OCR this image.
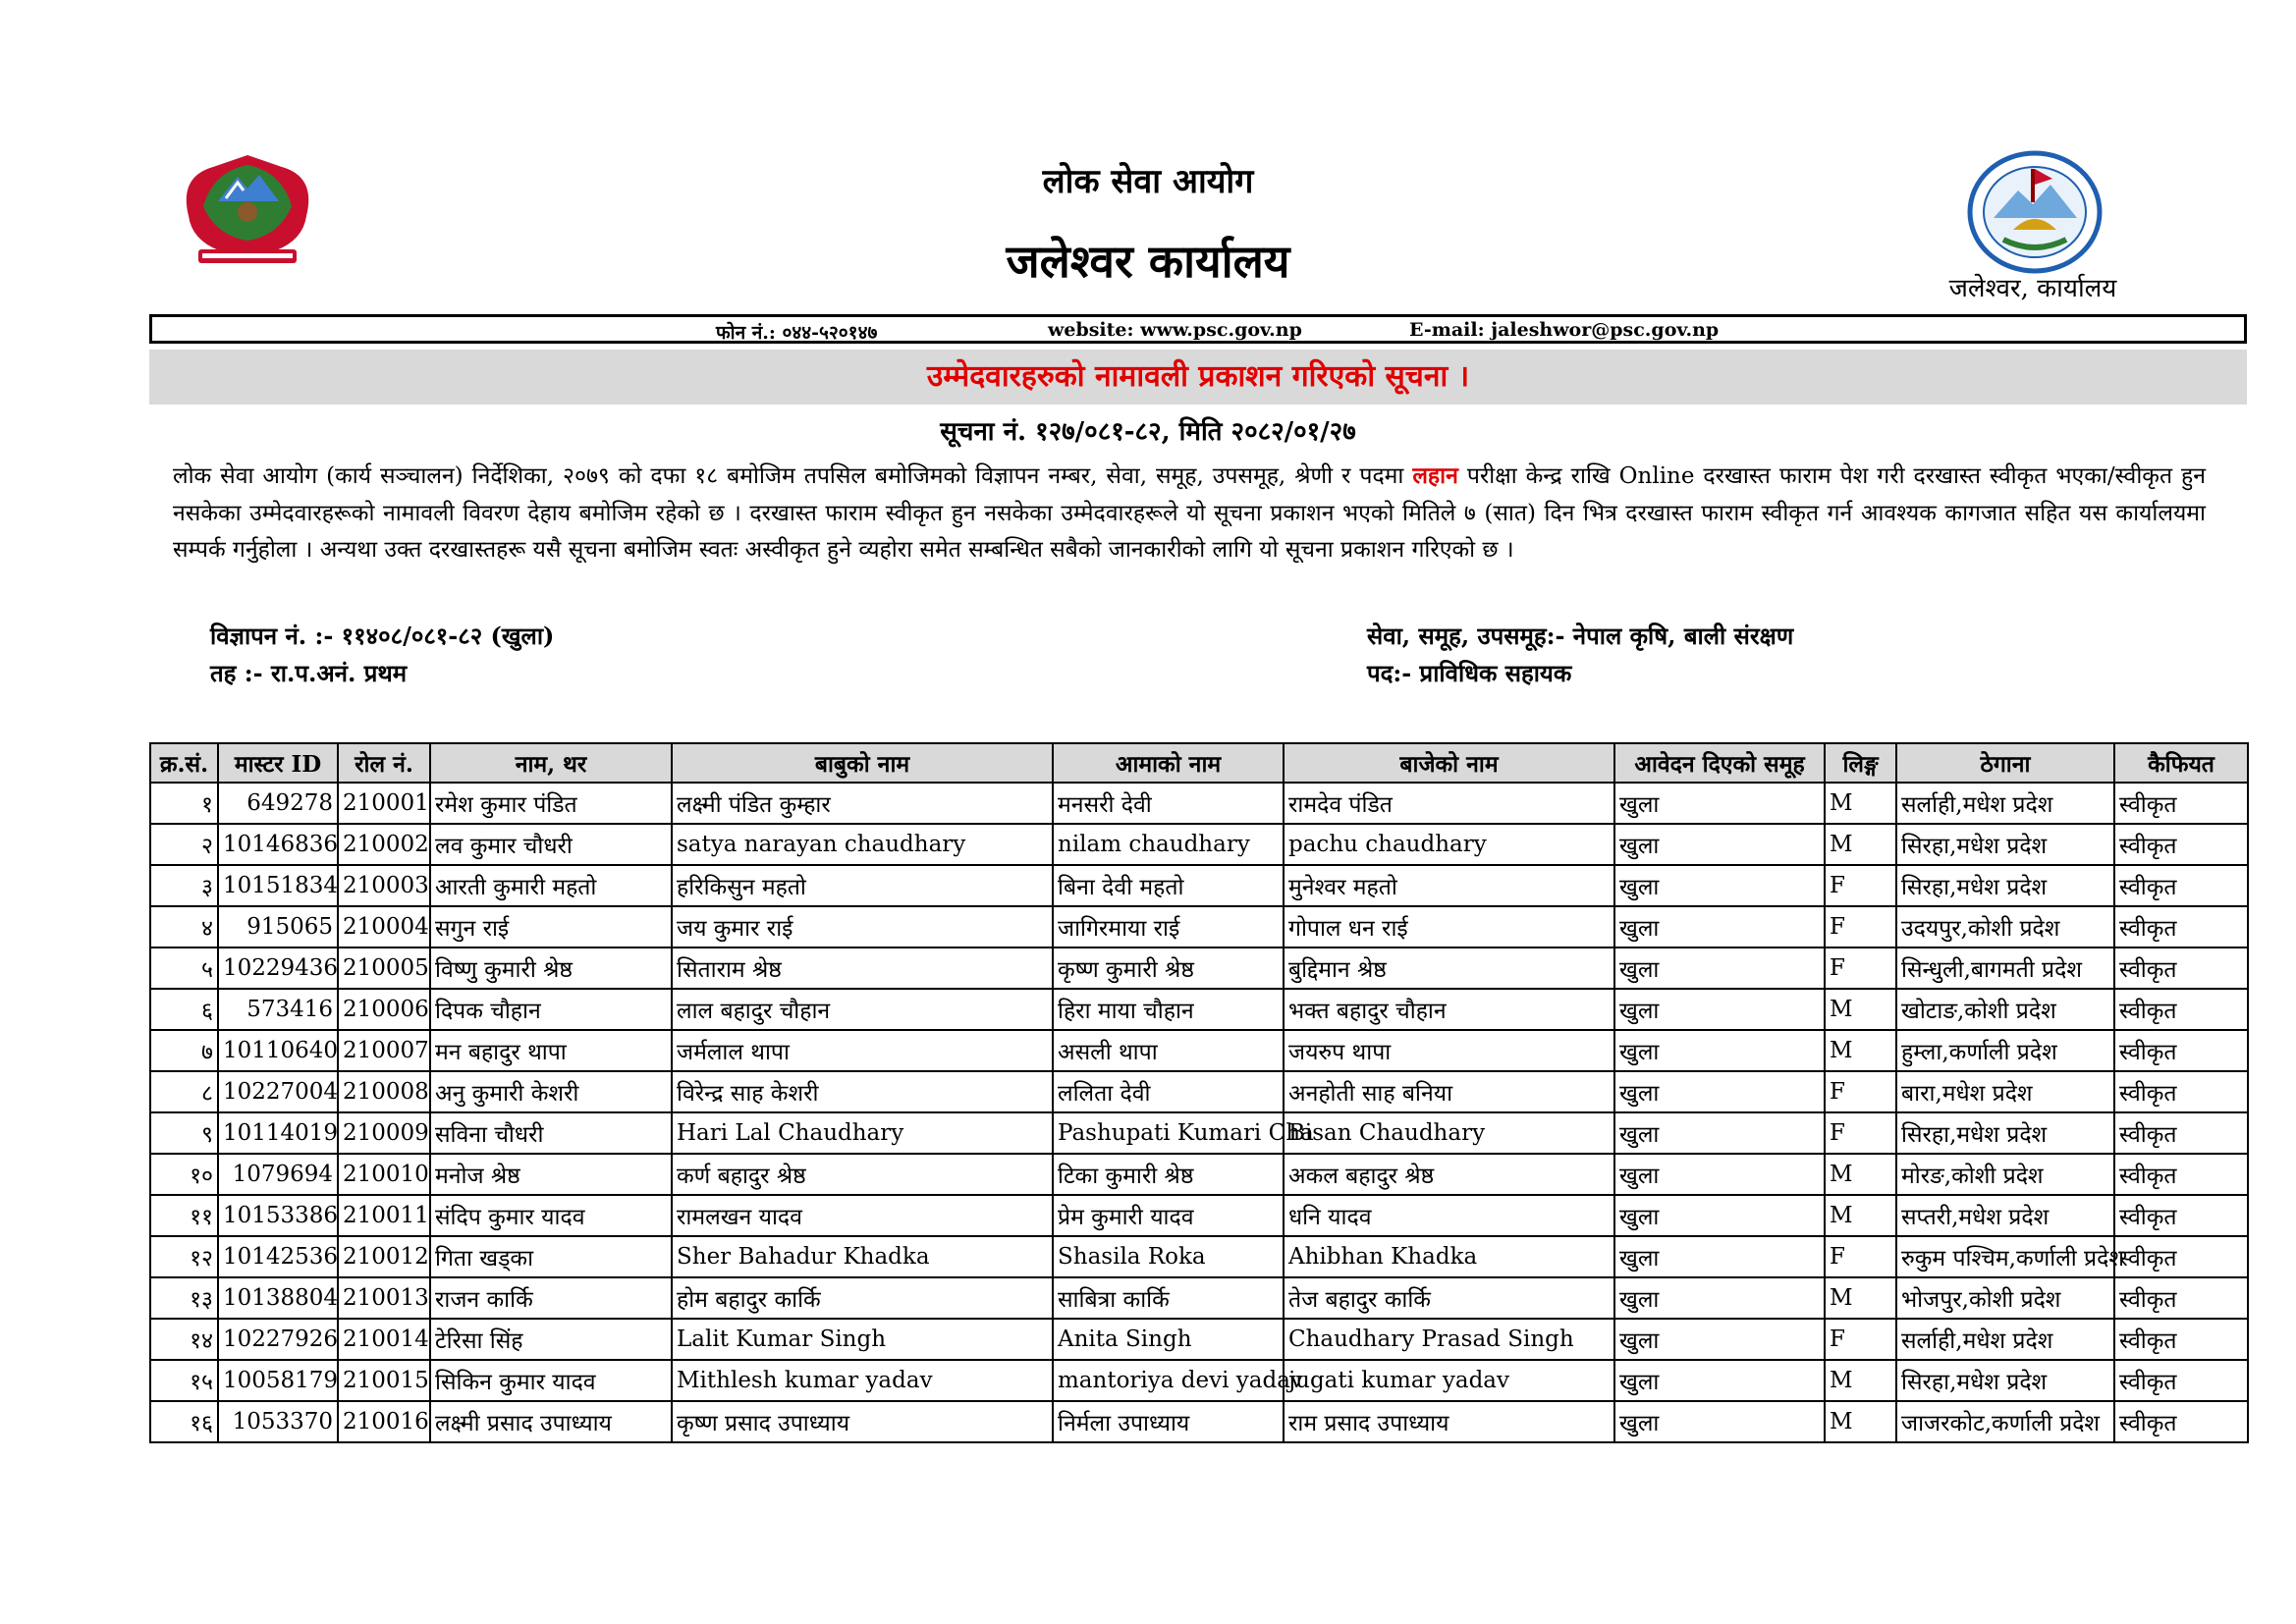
लोक सेवा आयोग
जलेश्वर कार्यालय
जलेश्वर, कार्यालय
फोन नं.: ०४४-५२०१४७	website: www.psc.gov.np	E-mail: jaleshwor@psc.gov.np
उम्मेदवारहरुको नामावली प्रकाशन गरिएको सूचना ।
सूचना नं. १२७/०८१-८२, मिति २०८२/०१/२७
लोक सेवा आयोग (कार्य सञ्चालन) निर्देशिका, २०७९ को दफा १८ बमोजिम तपसिल बमोजिमको विज्ञापन नम्बर, सेवा, समूह, उपसमूह, श्रेणी र पदमा लहान परीक्षा केन्द्र राखि Online दरखास्त फाराम पेश गरी दरखास्त स्वीकृत भएका/स्वीकृत हुन नसकेका उम्मेदवारहरूको नामावली विवरण देहाय बमोजिम रहेको छ । दरखास्त फाराम स्वीकृत हुन नसकेका उम्मेदवारहरूले यो सूचना प्रकाशन भएको मितिले ७ (सात) दिन भित्र दरखास्त फाराम स्वीकृत गर्न आवश्यक कागजात सहित यस कार्यालयमा सम्पर्क गर्नुहोला । अन्यथा उक्त दरखास्तहरू यसै सूचना बमोजिम स्वतः अस्वीकृत हुने व्यहोरा समेत सम्बन्धित सबैको जानकारीको लागि यो सूचना प्रकाशन गरिएको छ ।
विज्ञापन नं. :- ११४०८/०८१-८२ (खुला)
तह :- रा.प.अनं. प्रथम
सेवा, समूह, उपसमूह:- नेपाल कृषि, बाली संरक्षण
पद:- प्राविधिक सहायक
क्र.सं.	मास्टर ID	रोल नं.	नाम, थर	बाबुको नाम	आमाको नाम	बाजेको नाम	आवेदन दिएको समूह	लिङ्ग	ठेगाना	कैफियत
१	649278	210001	रमेश कुमार पंडित	लक्ष्मी पंडित कुम्हार	मनसरी देवी	रामदेव पंडित	खुला	M	सर्लाही,मधेश प्रदेश	स्वीकृत
२	10146836	210002	लव कुमार चौधरी	satya narayan chaudhary	nilam chaudhary	pachu chaudhary	खुला	M	सिरहा,मधेश प्रदेश	स्वीकृत
३	10151834	210003	आरती कुमारी महतो	हरिकिसुन महतो	बिना देवी महतो	मुनेश्वर महतो	खुला	F	सिरहा,मधेश प्रदेश	स्वीकृत
४	915065	210004	सगुन राई	जय कुमार राई	जागिरमाया राई	गोपाल धन राई	खुला	F	उदयपुर,कोशी प्रदेश	स्वीकृत
५	10229436	210005	विष्णु कुमारी श्रेष्ठ	सिताराम श्रेष्ठ	कृष्ण कुमारी श्रेष्ठ	बुद्दिमान श्रेष्ठ	खुला	F	सिन्धुली,बागमती प्रदेश	स्वीकृत
६	573416	210006	दिपक चौहान	लाल बहादुर चौहान	हिरा माया चौहान	भक्त बहादुर चौहान	खुला	M	खोटाङ,कोशी प्रदेश	स्वीकृत
७	10110640	210007	मन बहादुर थापा	जर्मलाल थापा	असली थापा	जयरुप थापा	खुला	M	हुम्ला,कर्णाली प्रदेश	स्वीकृत
८	10227004	210008	अनु कुमारी केशरी	विरेन्द्र साह केशरी	ललिता देवी	अनहोती साह बनिया	खुला	F	बारा,मधेश प्रदेश	स्वीकृत
९	10114019	210009	सविना चौधरी	Hari Lal Chaudhary	Pashupati Kumari Cha	Bisan Chaudhary	खुला	F	सिरहा,मधेश प्रदेश	स्वीकृत
१०	1079694	210010	मनोज श्रेष्ठ	कर्ण बहादुर श्रेष्ठ	टिका कुमारी श्रेष्ठ	अकल बहादुर श्रेष्ठ	खुला	M	मोरङ,कोशी प्रदेश	स्वीकृत
११	10153386	210011	संदिप कुमार यादव	रामलखन यादव	प्रेम कुमारी यादव	धनि यादव	खुला	M	सप्तरी,मधेश प्रदेश	स्वीकृत
१२	10142536	210012	गिता खड्का	Sher Bahadur Khadka	Shasila Roka	Ahibhan Khadka	खुला	F	रुकुम पश्चिम,कर्णाली प्रदेश	स्वीकृत
१३	10138804	210013	राजन कार्कि	होम बहादुर कार्कि	साबित्रा कार्कि	तेज बहादुर कार्कि	खुला	M	भोजपुर,कोशी प्रदेश	स्वीकृत
१४	10227926	210014	टेरिसा सिंह	Lalit Kumar Singh	Anita Singh	Chaudhary Prasad Singh	खुला	F	सर्लाही,मधेश प्रदेश	स्वीकृत
१५	10058179	210015	सिकिन कुमार यादव	Mithlesh kumar yadav	mantoriya devi yadav	jugati kumar yadav	खुला	M	सिरहा,मधेश प्रदेश	स्वीकृत
१६	1053370	210016	लक्ष्मी प्रसाद उपाध्याय	कृष्ण प्रसाद उपाध्याय	निर्मला उपाध्याय	राम प्रसाद उपाध्याय	खुला	M	जाजरकोट,कर्णाली प्रदेश	स्वीकृत
